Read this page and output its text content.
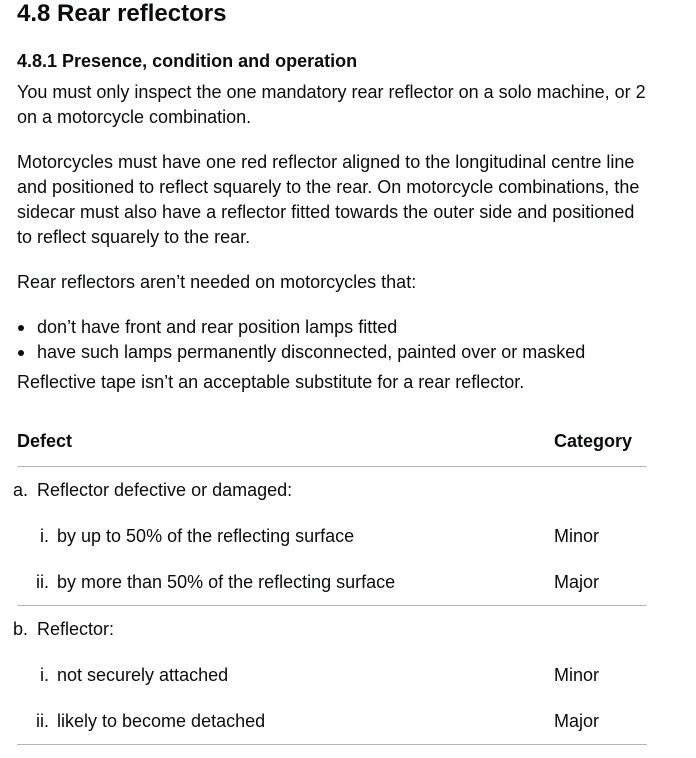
4.8 Rear reflectors
4.8.1 Presence, condition and operation

You must only inspect the one mandatory rear reflector on a solo machine, or 2 on a motorcycle combination.

Motorcycles must have one red reflector aligned to the longitudinal centre line and positioned to reflect squarely to the rear. On motorcycle combinations, the sidecar must also have a reflector fitted towards the outer side and positioned to reflect squarely to the rear.

Rear reflectors aren’t needed on motorcycles that:

don’t have front and rear position lamps fitted
have such lamps permanently disconnected, painted over or masked

Reflective tape isn’t an acceptable substitute for a rear reflector.

Defect	Category
a. Reflector defective or damaged:	
i. by up to 50% of the reflecting surface	Minor
ii. by more than 50% of the reflecting surface	Major
b. Reflector:	
i. not securely attached	Minor
ii. likely to become detached	Major
